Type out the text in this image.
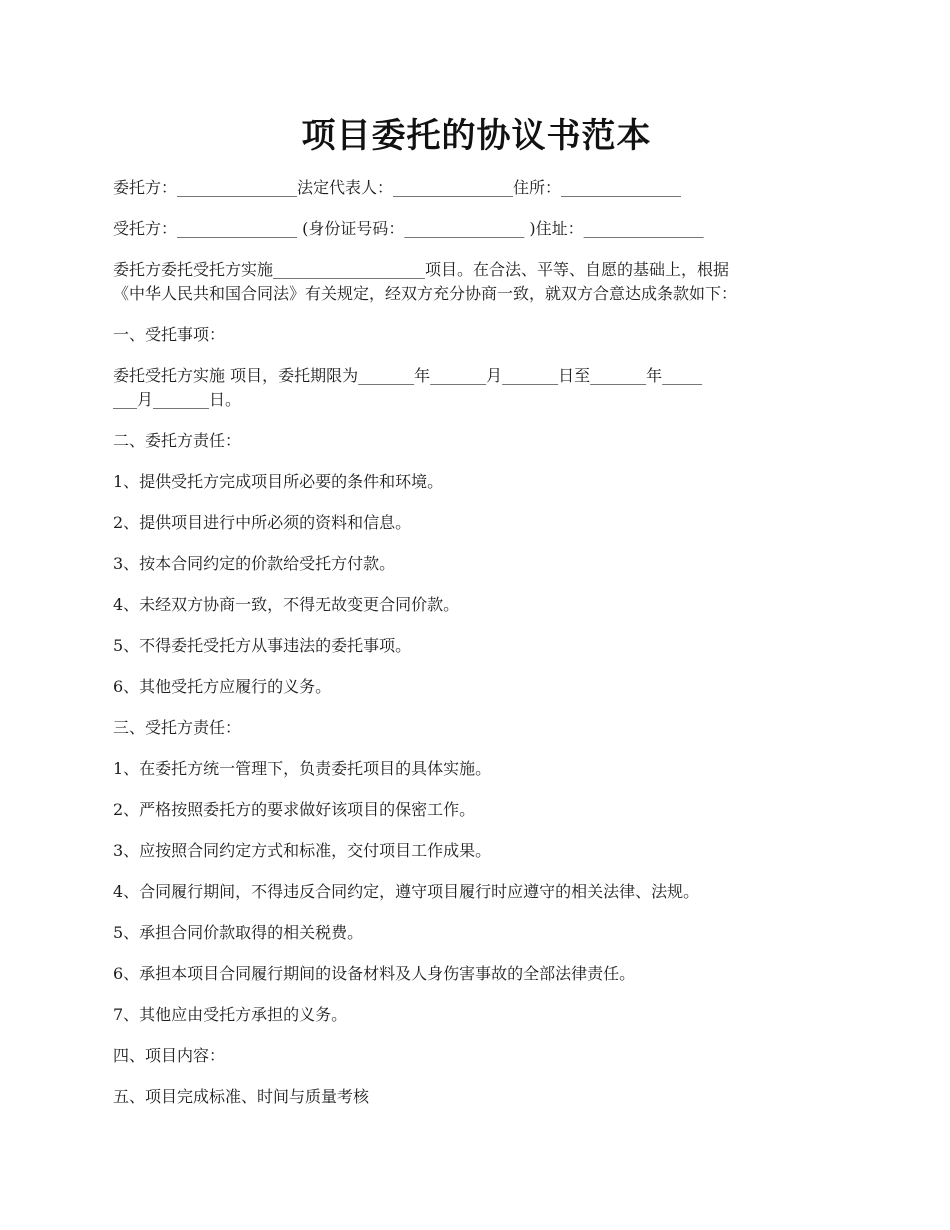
项目委托的协议书范本
委托方：_______________法定代表人：_______________住所：_______________
受托方：_______________ (身份证号码：_______________ )住址：_______________
委托方委托受托方实施___________________项目。在合法、平等、自愿的基础上，根据
《中华人民共和国合同法》有关规定，经双方充分协商一致，就双方合意达成条款如下：
一、受托事项：
委托受托方实施 项目，委托期限为_______年_______月_______日至_______年_____
___月_______日。
二、委托方责任：
1、提供受托方完成项目所必要的条件和环境。
2、提供项目进行中所必须的资料和信息。
3、按本合同约定的价款给受托方付款。
4、未经双方协商一致，不得无故变更合同价款。
5、不得委托受托方从事违法的委托事项。
6、其他受托方应履行的义务。
三、受托方责任：
1、在委托方统一管理下，负责委托项目的具体实施。
2、严格按照委托方的要求做好该项目的保密工作。
3、应按照合同约定方式和标准，交付项目工作成果。
4、合同履行期间，不得违反合同约定，遵守项目履行时应遵守的相关法律、法规。
5、承担合同价款取得的相关税费。
6、承担本项目合同履行期间的设备材料及人身伤害事故的全部法律责任。
7、其他应由受托方承担的义务。
四、项目内容：
五、项目完成标准、时间与质量考核
